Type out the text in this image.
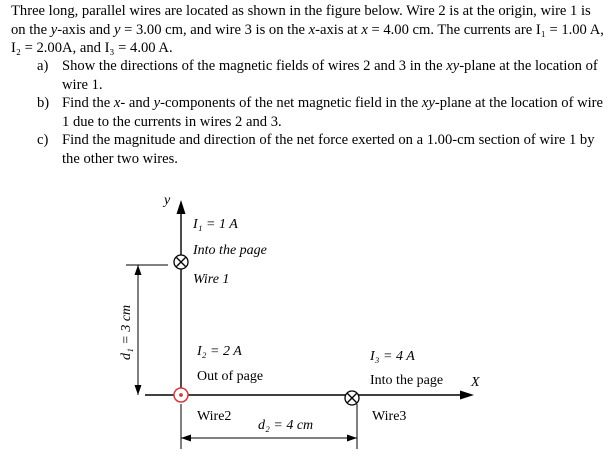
Three long, parallel wires are located as shown in the figure below. Wire 2 is at the origin, wire 1 is on the y-axis and y = 3.00 cm, and wire 3 is on the x-axis at x = 4.00 cm. The currents are I₁ = 1.00 A, I₂ = 2.00A, and I₃ = 4.00 A.
a) Show the directions of the magnetic fields of wires 2 and 3 in the xy-plane at the location of wire 1.
b) Find the x- and y-components of the net magnetic field in the xy-plane at the location of wire 1 due to the currents in wires 2 and 3.
c) Find the magnitude and direction of the net force exerted on a 1.00-cm section of wire 1 by the other two wires.
y
X
d₁ = 3 cm
d₂ = 4 cm
I₁ = 1 A
Into the page
Wire 1
I₂ = 2 A
Out of page
Wire2
I₃ = 4 A
Into the page
Wire3
